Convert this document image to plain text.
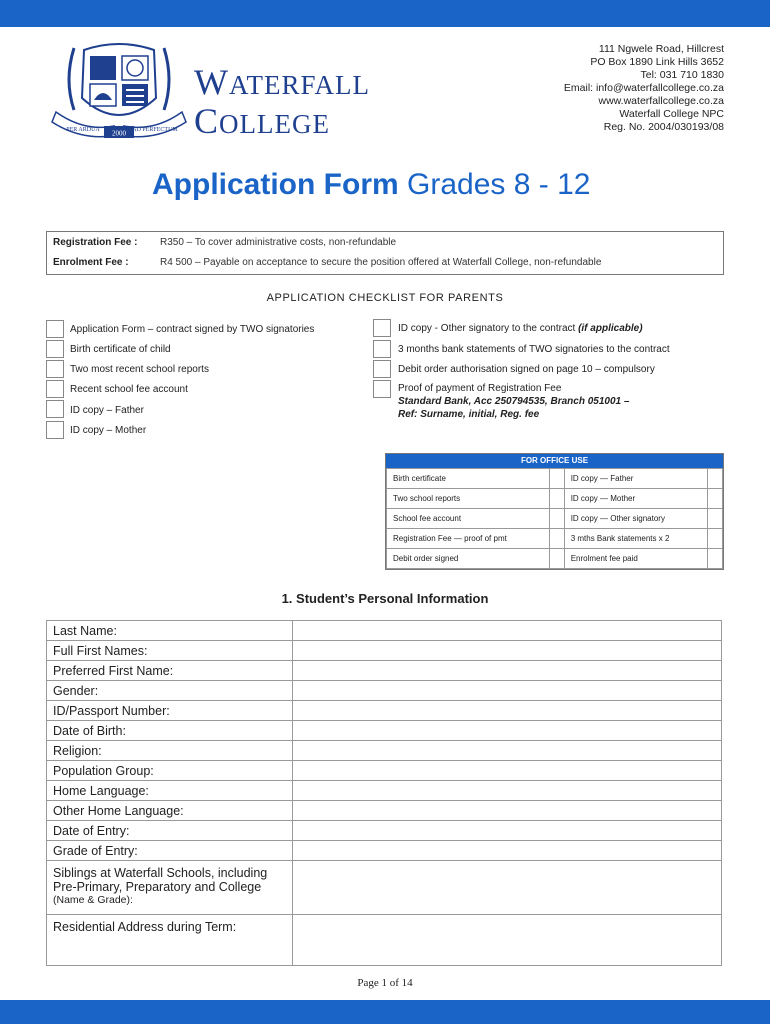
PER ARDUA	AD PERFECTUM
2000
WATERFALL
COLLEGE
111 Ngwele Road, Hillcrest
PO Box 1890 Link Hills 3652
Tel: 031 710 1830
Email: info@waterfallcollege.co.za
www.waterfallcollege.co.za
Waterfall College NPC
Reg. No. 2004/030193/08
Application Form Grades 8 - 12
Registration Fee : R350 – To cover administrative costs, non-refundable
Enrolment Fee :	R4 500 – Payable on acceptance to secure the position offered at Waterfall College, non-refundable
APPLICATION CHECKLIST FOR PARENTS
Application Form – contract signed by TWO signatories
Birth certificate of child
Two most recent school reports
Recent school fee account
ID copy – Father
ID copy – Mother
ID copy - Other signatory to the contract (if applicable)
3 months bank statements of TWO signatories to the contract
Debit order authorisation signed on page 10 – compulsory
Proof of payment of Registration Fee
Standard Bank, Acc 250794535, Branch 051001 –
Ref: Surname, initial, Reg. fee
FOR OFFICE USE
Birth certificate		ID copy — Father	
Two school reports		ID copy — Mother	
School fee account		ID copy — Other signatory	
Registration Fee — proof of pmt		3 mths Bank statements x 2	
Debit order signed		Enrolment fee paid	
1. Student’s Personal Information
Last Name:	
Full First Names:	
Preferred First Name:	
Gender:	
ID/Passport Number:	
Date of Birth:	
Religion:	
Population Group:	
Home Language:	
Other Home Language:	
Date of Entry:	
Grade of Entry:	

Siblings at Waterfall Schools, including
Pre-Primary, Preparatory and College
(Name & Grade):	

Residential Address during Term:	
Page 1 of 14
